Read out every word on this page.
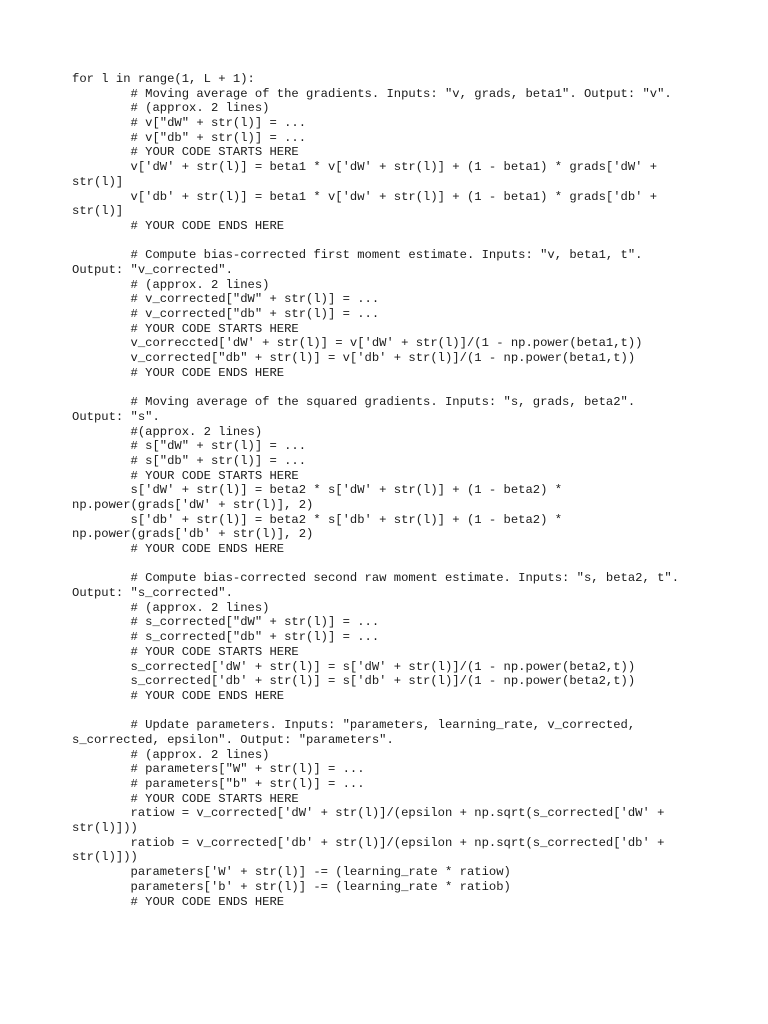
for l in range(1, L + 1):
# Moving average of the gradients. Inputs: "v, grads, beta1". Output: "v".
# (approx. 2 lines)
# v["dW" + str(l)] = ...
# v["db" + str(l)] = ...
# YOUR CODE STARTS HERE
v['dW' + str(l)] = beta1 * v['dW' + str(l)] + (1 - beta1) * grads['dW' +
str(l)]
v['db' + str(l)] = beta1 * v['dw' + str(l)] + (1 - beta1) * grads['db' +
str(l)]
# YOUR CODE ENDS HERE

# Compute bias-corrected first moment estimate. Inputs: "v, beta1, t".
Output: "v_corrected".
# (approx. 2 lines)
# v_corrected["dW" + str(l)] = ...
# v_corrected["db" + str(l)] = ...
# YOUR CODE STARTS HERE
v_correccted['dW' + str(l)] = v['dW' + str(l)]/(1 - np.power(beta1,t))
v_corrected["db" + str(l)] = v['db' + str(l)]/(1 - np.power(beta1,t))
# YOUR CODE ENDS HERE

# Moving average of the squared gradients. Inputs: "s, grads, beta2".
Output: "s".
#(approx. 2 lines)
# s["dW" + str(l)] = ...
# s["db" + str(l)] = ...
# YOUR CODE STARTS HERE
s['dW' + str(l)] = beta2 * s['dW' + str(l)] + (1 - beta2) *
np.power(grads['dW' + str(l)], 2)
s['db' + str(l)] = beta2 * s['db' + str(l)] + (1 - beta2) *
np.power(grads['db' + str(l)], 2)
# YOUR CODE ENDS HERE

# Compute bias-corrected second raw moment estimate. Inputs: "s, beta2, t".
Output: "s_corrected".
# (approx. 2 lines)
# s_corrected["dW" + str(l)] = ...
# s_corrected["db" + str(l)] = ...
# YOUR CODE STARTS HERE
s_corrected['dW' + str(l)] = s['dW' + str(l)]/(1 - np.power(beta2,t))
s_corrected['db' + str(l)] = s['db' + str(l)]/(1 - np.power(beta2,t))
# YOUR CODE ENDS HERE

# Update parameters. Inputs: "parameters, learning_rate, v_corrected,
s_corrected, epsilon". Output: "parameters".
# (approx. 2 lines)
# parameters["W" + str(l)] = ...
# parameters["b" + str(l)] = ...
# YOUR CODE STARTS HERE
ratiow = v_corrected['dW' + str(l)]/(epsilon + np.sqrt(s_corrected['dW' +
str(l)]))
ratiob = v_corrected['db' + str(l)]/(epsilon + np.sqrt(s_corrected['db' +
str(l)]))
parameters['W' + str(l)] -= (learning_rate * ratiow)
parameters['b' + str(l)] -= (learning_rate * ratiob)
# YOUR CODE ENDS HERE
